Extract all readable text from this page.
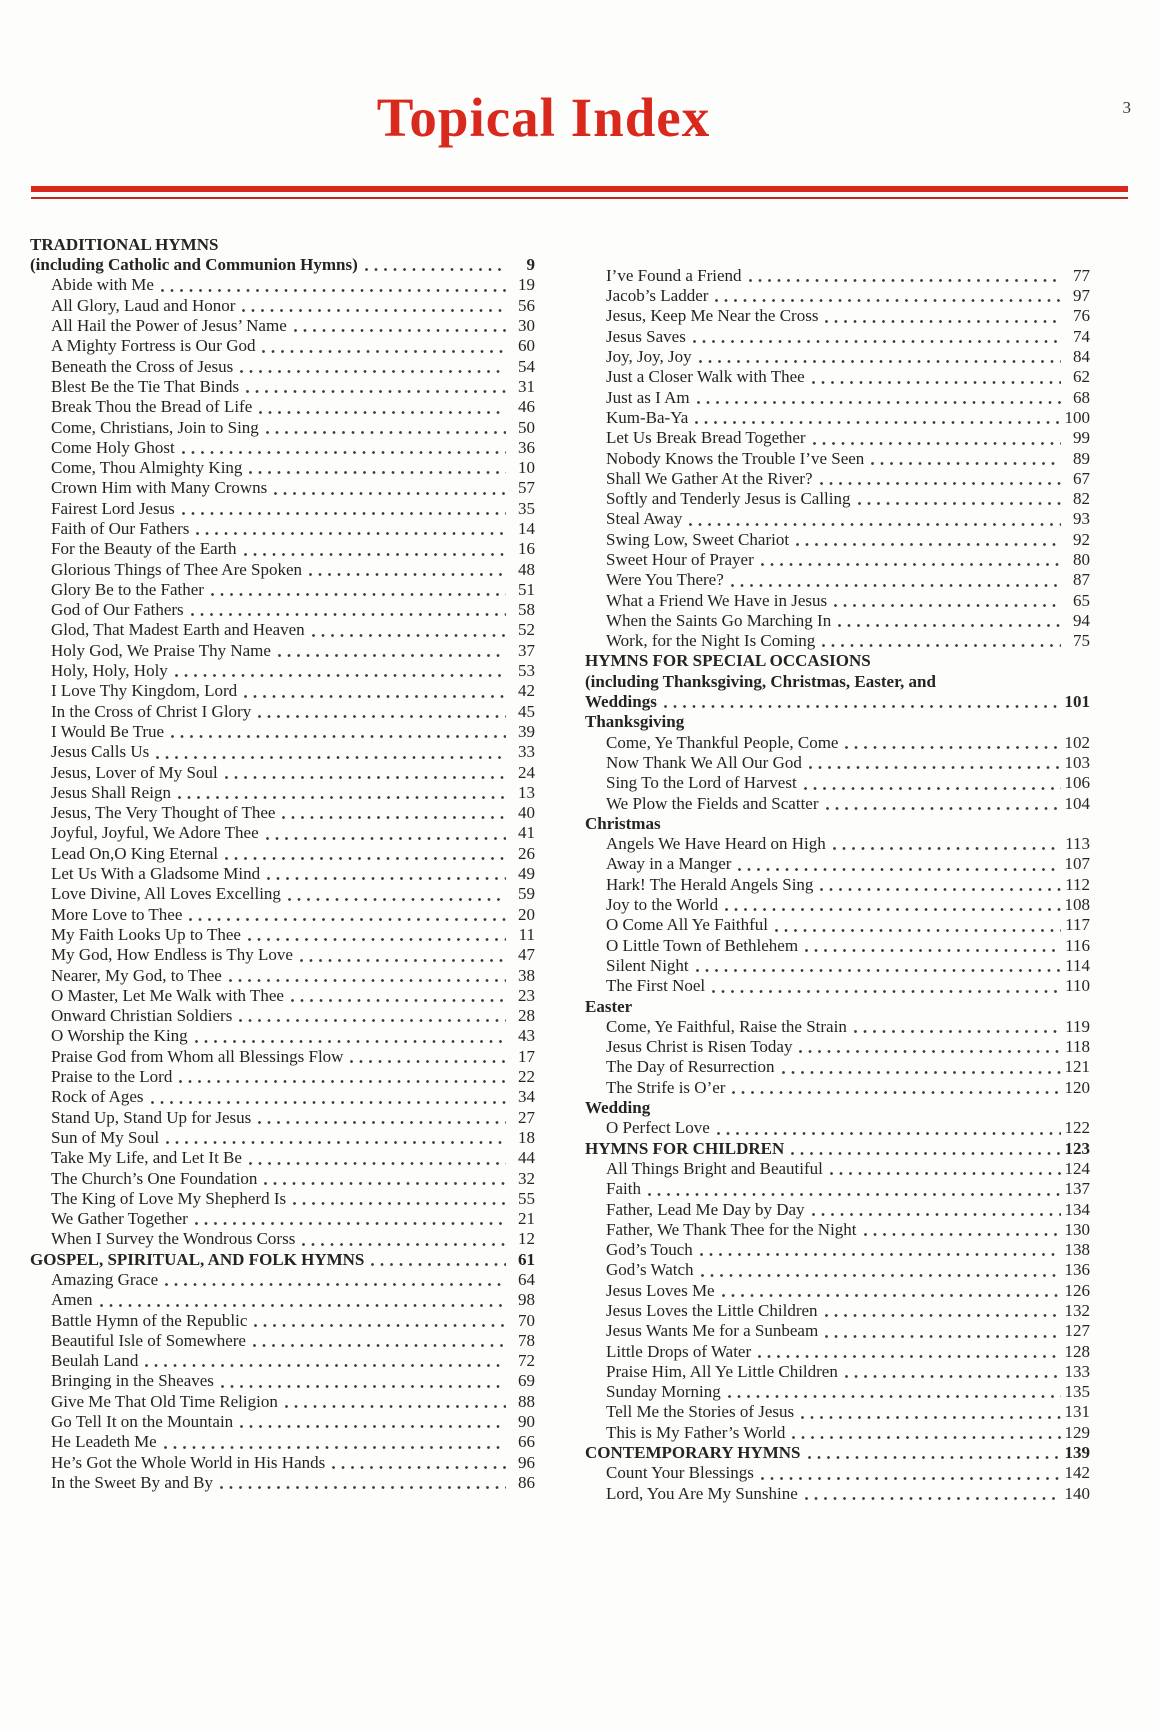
3
Topical Index
TRADITIONAL HYMNS
(including Catholic and Communion Hymns)	9
Abide with Me	19
All Glory, Laud and Honor	56
All Hail the Power of Jesus’ Name	30
A Mighty Fortress is Our God	60
Beneath the Cross of Jesus	54
Blest Be the Tie That Binds	31
Break Thou the Bread of Life	46
Come, Christians, Join to Sing	50
Come Holy Ghost	36
Come, Thou Almighty King	10
Crown Him with Many Crowns	57
Fairest Lord Jesus	35
Faith of Our Fathers	14
For the Beauty of the Earth	16
Glorious Things of Thee Are Spoken	48
Glory Be to the Father	51
God of Our Fathers	58
Glod, That Madest Earth and Heaven	52
Holy God, We Praise Thy Name	37
Holy, Holy, Holy	53
I Love Thy Kingdom, Lord	42
In the Cross of Christ I Glory	45
I Would Be True	39
Jesus Calls Us	33
Jesus, Lover of My Soul	24
Jesus Shall Reign	13
Jesus, The Very Thought of Thee	40
Joyful, Joyful, We Adore Thee	41
Lead On,O King Eternal	26
Let Us With a Gladsome Mind	49
Love Divine, All Loves Excelling	59
More Love to Thee	20
My Faith Looks Up to Thee	11
My God, How Endless is Thy Love	47
Nearer, My God, to Thee	38
O Master, Let Me Walk with Thee	23
Onward Christian Soldiers	28
O Worship the King	43
Praise God from Whom all Blessings Flow	17
Praise to the Lord	22
Rock of Ages	34
Stand Up, Stand Up for Jesus	27
Sun of My Soul	18
Take My Life, and Let It Be	44
The Church’s One Foundation	32
The King of Love My Shepherd Is	55
We Gather Together	21
When I Survey the Wondrous Corss	12
GOSPEL, SPIRITUAL, AND FOLK HYMNS	61
Amazing Grace	64
Amen	98
Battle Hymn of the Republic	70
Beautiful Isle of Somewhere	78
Beulah Land	72
Bringing in the Sheaves	69
Give Me That Old Time Religion	88
Go Tell It on the Mountain	90
He Leadeth Me	66
He’s Got the Whole World in His Hands	96
In the Sweet By and By	86
I’ve Found a Friend	77
Jacob’s Ladder	97
Jesus, Keep Me Near the Cross	76
Jesus Saves	74
Joy, Joy, Joy	84
Just a Closer Walk with Thee	62
Just as I Am	68
Kum-Ba-Ya	100
Let Us Break Bread Together	99
Nobody Knows the Trouble I’ve Seen	89
Shall We Gather At the River?	67
Softly and Tenderly Jesus is Calling	82
Steal Away	93
Swing Low, Sweet Chariot	92
Sweet Hour of Prayer	80
Were You There?	87
What a Friend We Have in Jesus	65
When the Saints Go Marching In	94
Work, for the Night Is Coming	75
HYMNS FOR SPECIAL OCCASIONS
(including Thanksgiving, Christmas, Easter, and
Weddings	101
Thanksgiving
Come, Ye Thankful People, Come	102
Now Thank We All Our God	103
Sing To the Lord of Harvest	106
We Plow the Fields and Scatter	104
Christmas
Angels We Have Heard on High	113
Away in a Manger	107
Hark! The Herald Angels Sing	112
Joy to the World	108
O Come All Ye Faithful	117
O Little Town of Bethlehem	116
Silent Night	114
The First Noel	110
Easter
Come, Ye Faithful, Raise the Strain	119
Jesus Christ is Risen Today	118
The Day of Resurrection	121
The Strife is O’er	120
Wedding
O Perfect Love	122
HYMNS FOR CHILDREN	123
All Things Bright and Beautiful	124
Faith	137
Father, Lead Me Day by Day	134
Father, We Thank Thee for the Night	130
God’s Touch	138
God’s Watch	136
Jesus Loves Me	126
Jesus Loves the Little Children	132
Jesus Wants Me for a Sunbeam	127
Little Drops of Water	128
Praise Him, All Ye Little Children	133
Sunday Morning	135
Tell Me the Stories of Jesus	131
This is My Father’s World	129
CONTEMPORARY HYMNS	139
Count Your Blessings	142
Lord, You Are My Sunshine	140
